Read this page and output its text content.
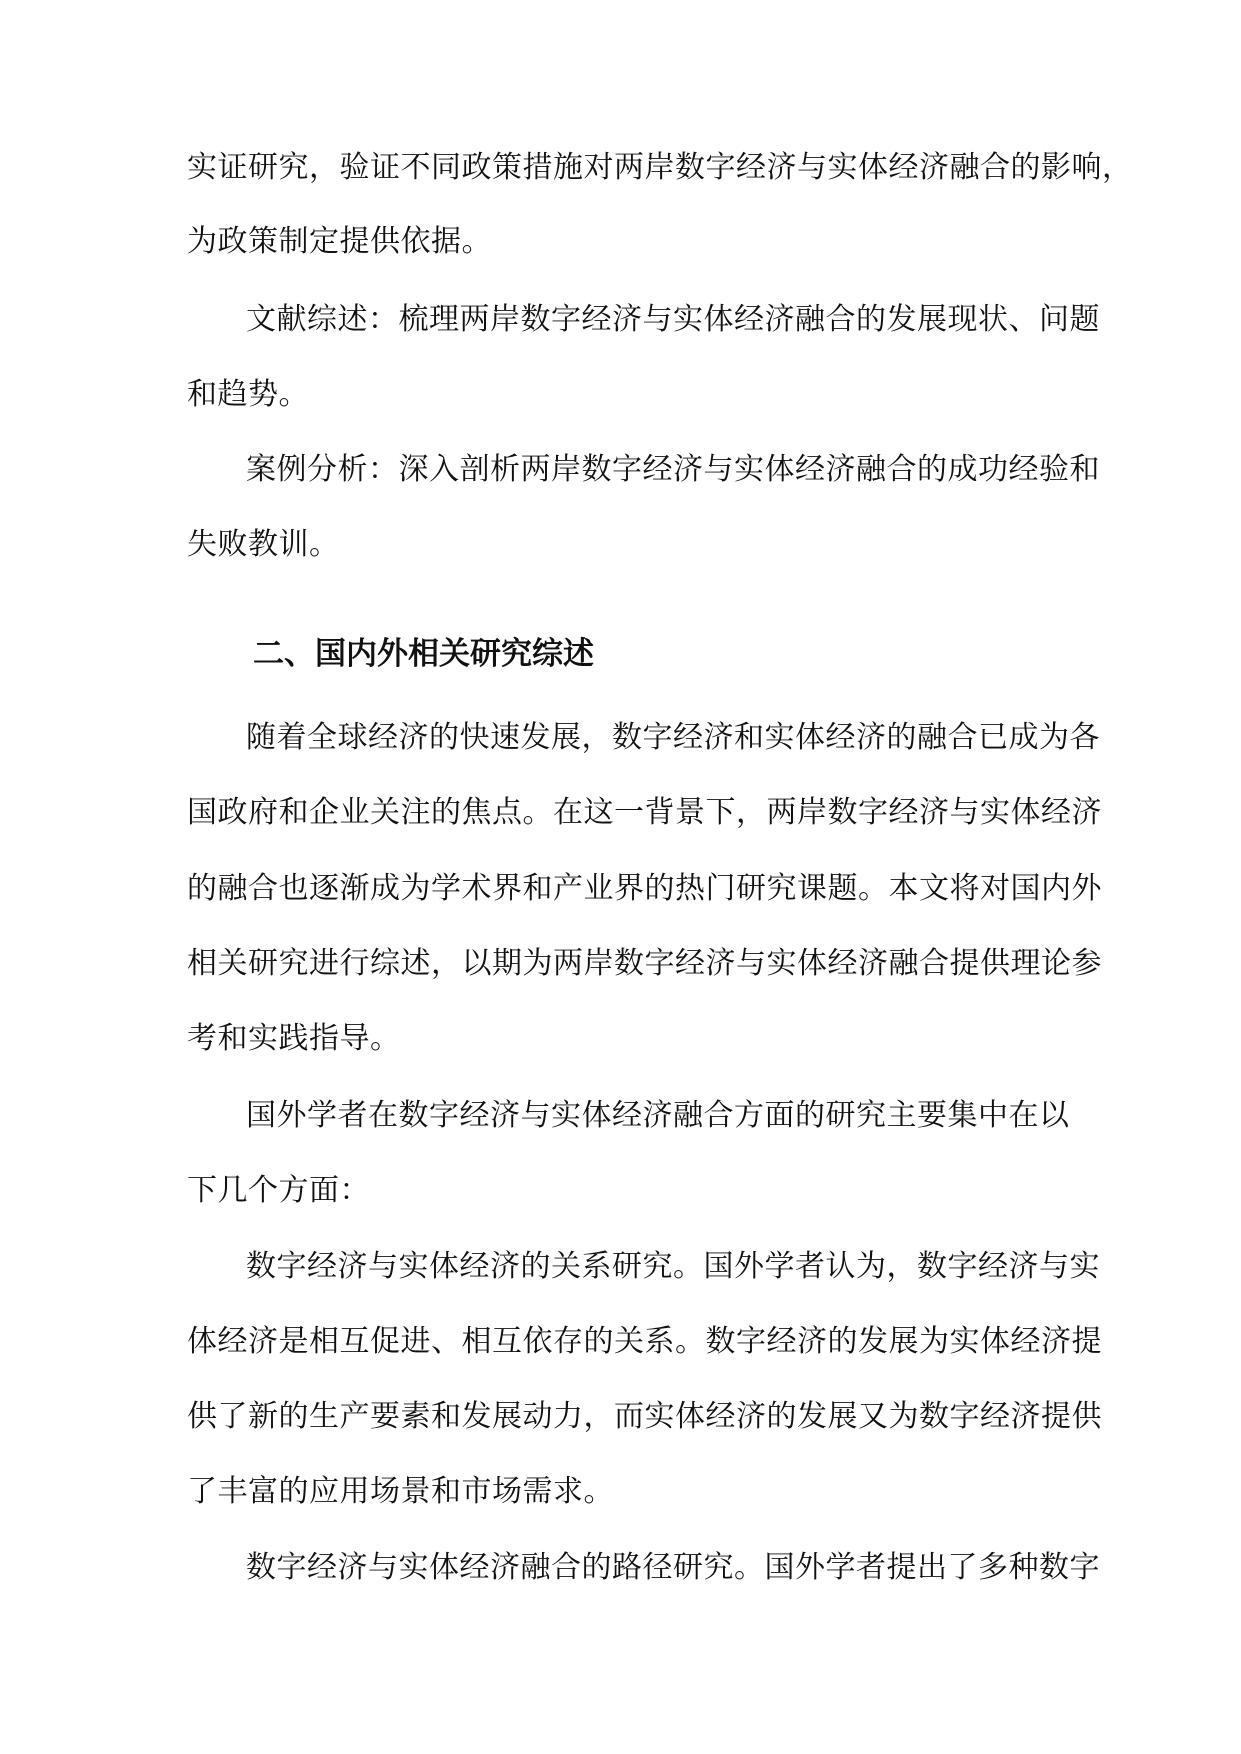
实证研究，验证不同政策措施对两岸数字经济与实体经济融合的影响，

为政策制定提供依据。

文献综述：梳理两岸数字经济与实体经济融合的发展现状、问题

和趋势。

案例分析：深入剖析两岸数字经济与实体经济融合的成功经验和

失败教训。

二、国内外相关研究综述

随着全球经济的快速发展，数字经济和实体经济的融合已成为各

国政府和企业关注的焦点。在这一背景下，两岸数字经济与实体经济

的融合也逐渐成为学术界和产业界的热门研究课题。本文将对国内外

相关研究进行综述，以期为两岸数字经济与实体经济融合提供理论参

考和实践指导。

国外学者在数字经济与实体经济融合方面的研究主要集中在以

下几个方面：

数字经济与实体经济的关系研究。国外学者认为，数字经济与实

体经济是相互促进、相互依存的关系。数字经济的发展为实体经济提

供了新的生产要素和发展动力，而实体经济的发展又为数字经济提供

了丰富的应用场景和市场需求。

数字经济与实体经济融合的路径研究。国外学者提出了多种数字
